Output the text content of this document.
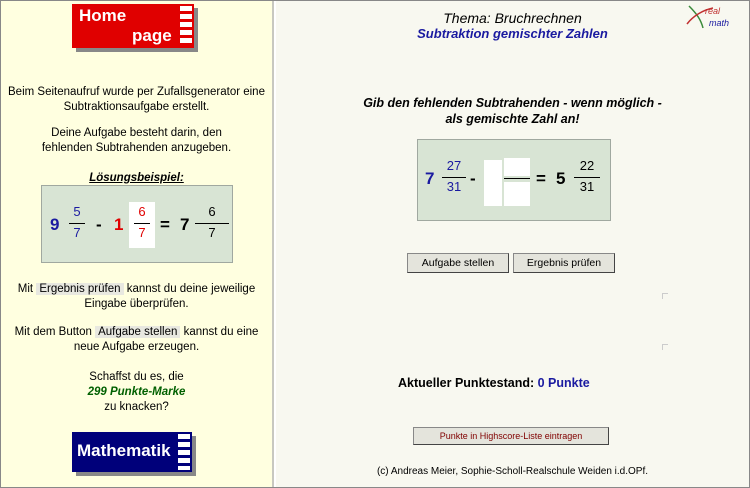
Home
page
Beim Seitenaufruf wurde per Zufallsgenerator eine Subtraktionsaufgabe erstellt.
Deine Aufgabe besteht darin, den fehlenden Subtrahenden anzugeben.
Lösungsbeispiel:
9
5
7 - 1
6
7 = 7
6
7
Mit Ergebnis prüfen kannst du deine jeweilige Eingabe überprüfen.
Mit dem Button Aufgabe stellen kannst du eine neue Aufgabe erzeugen.
Schaffst du es, die
299 Punkte-Marke
zu knacken?
Mathematik
Thema: Bruchrechnen
Subtraktion gemischter Zahlen
real
math
Gib den fehlenden Subtrahenden - wenn möglich -
als gemischte Zahl an!
7
27
31 -	= 5
22
31
Aufgabe stellen	Ergebnis prüfen
Aktueller Punktestand: 0 Punkte
Punkte in Highscore-Liste eintragen
(c) Andreas Meier, Sophie-Scholl-Realschule Weiden i.d.OPf.
